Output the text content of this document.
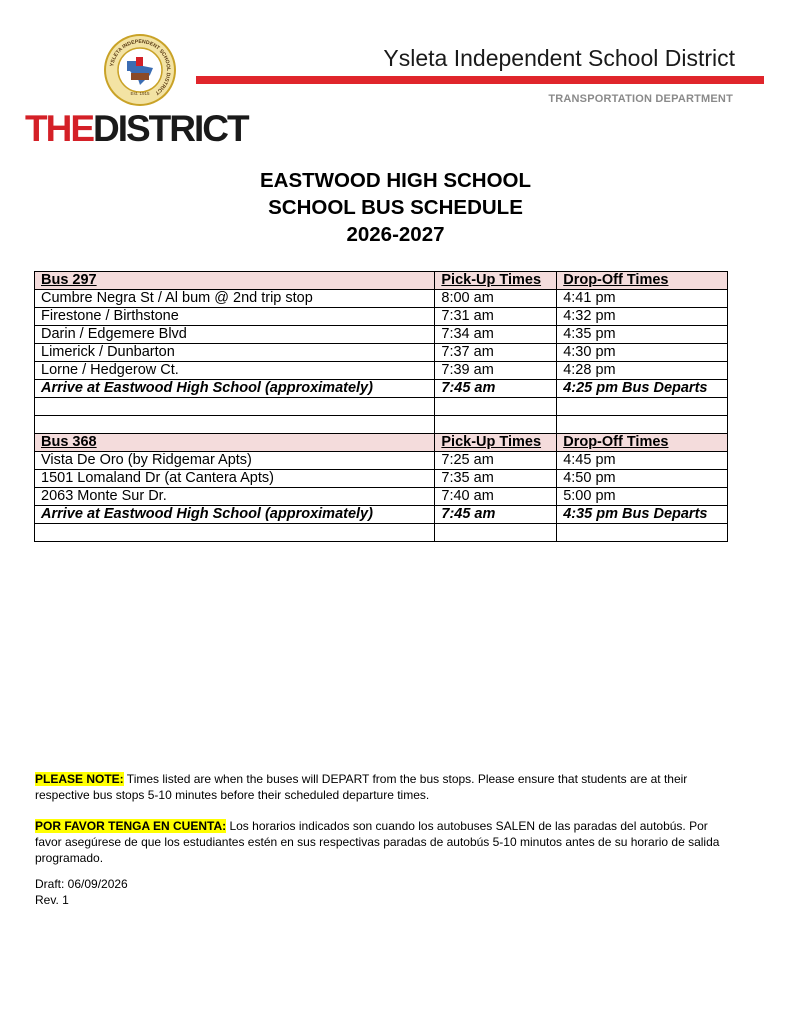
YSLETA INDEPENDENT SCHOOL DISTRICT
Est. 1915
THEDISTRICT
Ysleta Independent School District
TRANSPORTATION DEPARTMENT
EASTWOOD HIGH SCHOOL
SCHOOL BUS SCHEDULE
2026-2027
Bus 297	Pick-Up Times	Drop-Off Times
Cumbre Negra St / Al bum @ 2nd trip stop	8:00 am	4:41 pm
Firestone / Birthstone	7:31 am	4:32 pm
Darin / Edgemere Blvd	7:34 am	4:35 pm
Limerick / Dunbarton	7:37 am	4:30 pm
Lorne / Hedgerow Ct.	7:39 am	4:28 pm
Arrive at Eastwood High School (approximately)	7:45 am	4:25 pm Bus Departs

Bus 368	Pick-Up Times	Drop-Off Times
Vista De Oro (by Ridgemar Apts)	7:25 am	4:45 pm
1501 Lomaland Dr (at Cantera Apts)	7:35 am	4:50 pm
2063 Monte Sur Dr.	7:40 am	5:00 pm
Arrive at Eastwood High School (approximately)	7:45 am	4:35 pm Bus Departs

PLEASE NOTE: Times listed are when the buses will DEPART from the bus stops. Please ensure that students are at their respective bus stops 5-10 minutes before their scheduled departure times.

POR FAVOR TENGA EN CUENTA: Los horarios indicados son cuando los autobuses SALEN de las paradas del autobús. Por favor asegúrese de que los estudiantes estén en sus respectivas paradas de autobús 5-10 minutos antes de su horario de salida programado.

Draft: 06/09/2026
Rev. 1
